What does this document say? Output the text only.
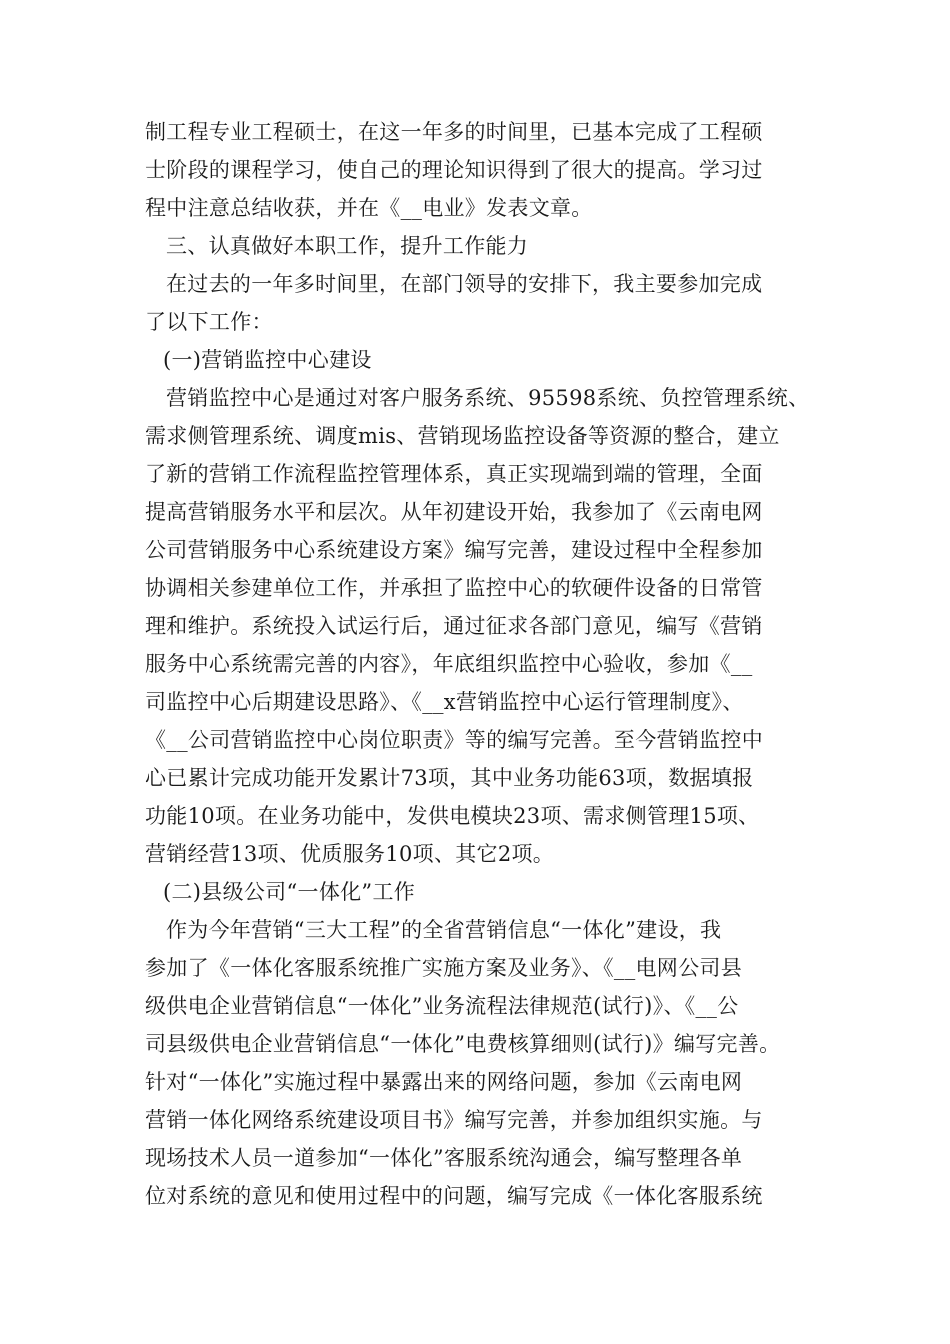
制工程专业工程硕士，在这一年多的时间里，已基本完成了工程硕
士阶段的课程学习，使自己的理论知识得到了很大的提高。学习过
程中注意总结收获，并在《__电业》发表文章。
三、认真做好本职工作，提升工作能力
在过去的一年多时间里，在部门领导的安排下，我主要参加完成
了以下工作：
(一)营销监控中心建设
营销监控中心是通过对客户服务系统、95598系统、负控管理系统、
需求侧管理系统、调度mis、营销现场监控设备等资源的整合，建立
了新的营销工作流程监控管理体系，真正实现端到端的管理，全面
提高营销服务水平和层次。从年初建设开始，我参加了《云南电网
公司营销服务中心系统建设方案》编写完善，建设过程中全程参加
协调相关参建单位工作，并承担了监控中心的软硬件设备的日常管
理和维护。系统投入试运行后，通过征求各部门意见，编写《营销
服务中心系统需完善的内容》，年底组织监控中心验收，参加《__
司监控中心后期建设思路》、《__x营销监控中心运行管理制度》、
《__公司营销监控中心岗位职责》等的编写完善。至今营销监控中
心已累计完成功能开发累计73项，其中业务功能63项，数据填报
功能10项。在业务功能中，发供电模块23项、需求侧管理15项、
营销经营13项、优质服务10项、其它2项。
(二)县级公司“一体化”工作
作为今年营销“三大工程”的全省营销信息“一体化”建设，我
参加了《一体化客服系统推广实施方案及业务》、《__电网公司县
级供电企业营销信息“一体化”业务流程法律规范(试行)》、《__公
司县级供电企业营销信息“一体化”电费核算细则(试行)》编写完善。
针对“一体化”实施过程中暴露出来的网络问题，参加《云南电网
营销一体化网络系统建设项目书》编写完善，并参加组织实施。与
现场技术人员一道参加“一体化”客服系统沟通会，编写整理各单
位对系统的意见和使用过程中的问题，编写完成《一体化客服系统
